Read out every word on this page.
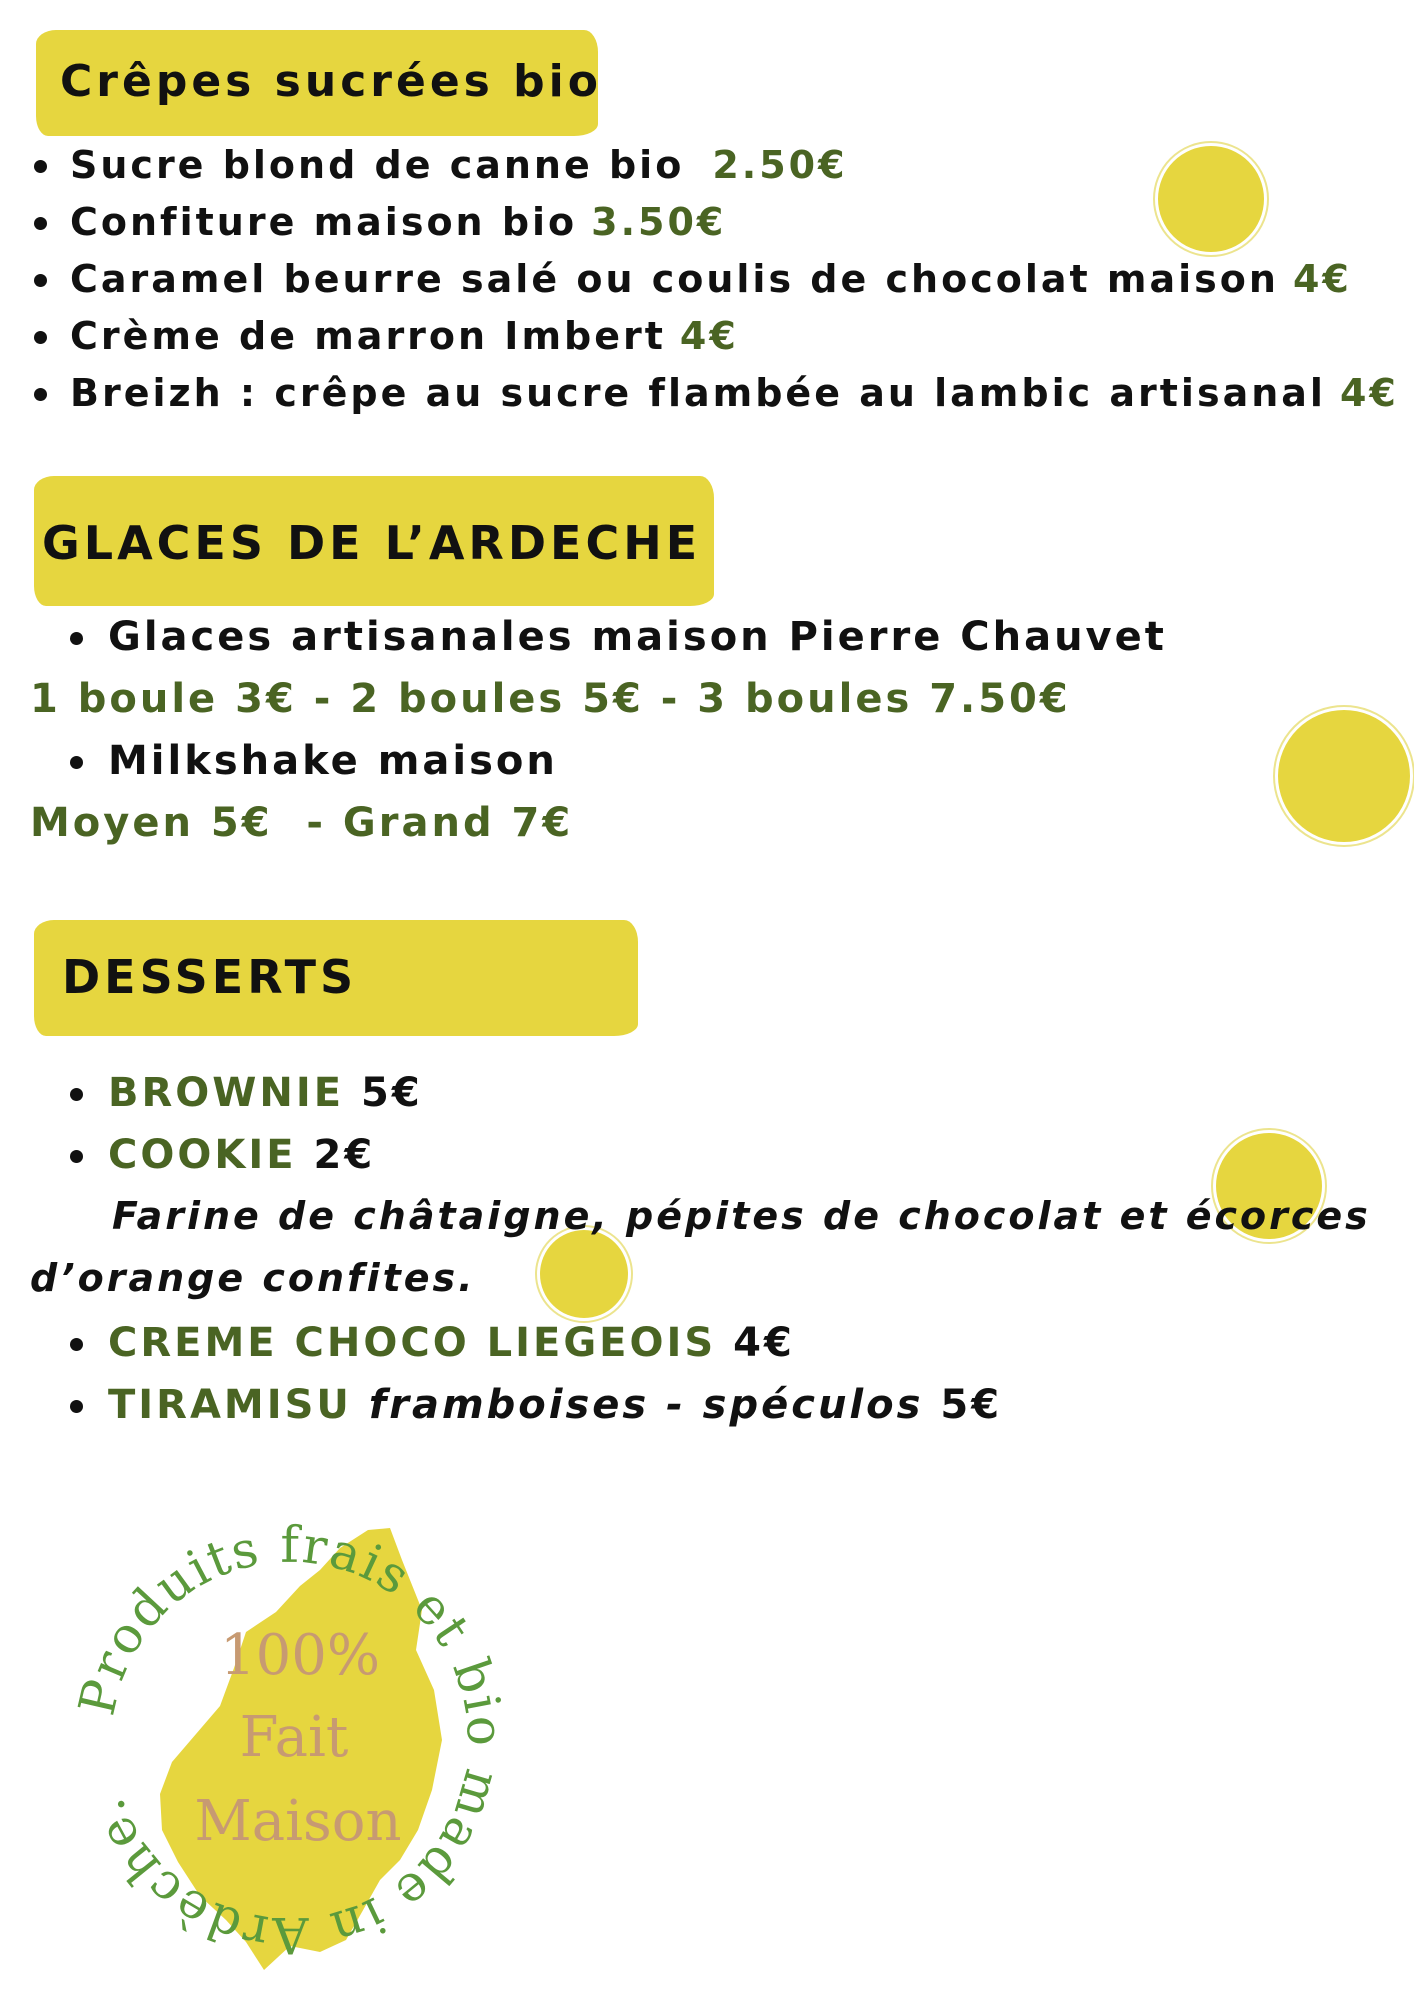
Crêpes sucrées bio
Sucre blond de canne bio 2.50€
Confiture maison bio 3.50€
Caramel beurre salé ou coulis de chocolat maison 4€
Crème de marron Imbert 4€
Breizh : crêpe au sucre flambée au lambic artisanal 4€
GLACES DE L’ARDECHE
Glaces artisanales maison Pierre Chauvet
1 boule 3€ - 2 boules 5€ - 3 boules 7.50€
Milkshake maison
Moyen 5€  - Grand 7€
DESSERTS
BROWNIE 5€
COOKIE 2€
Farine de châtaigne, pépites de chocolat et écorces
d’orange confites.
CREME CHOCO LIEGEOIS 4€
TIRAMISU framboises - spéculos 5€
Produits frais et bio made in Ardèche.
100%
Fait
Maison
